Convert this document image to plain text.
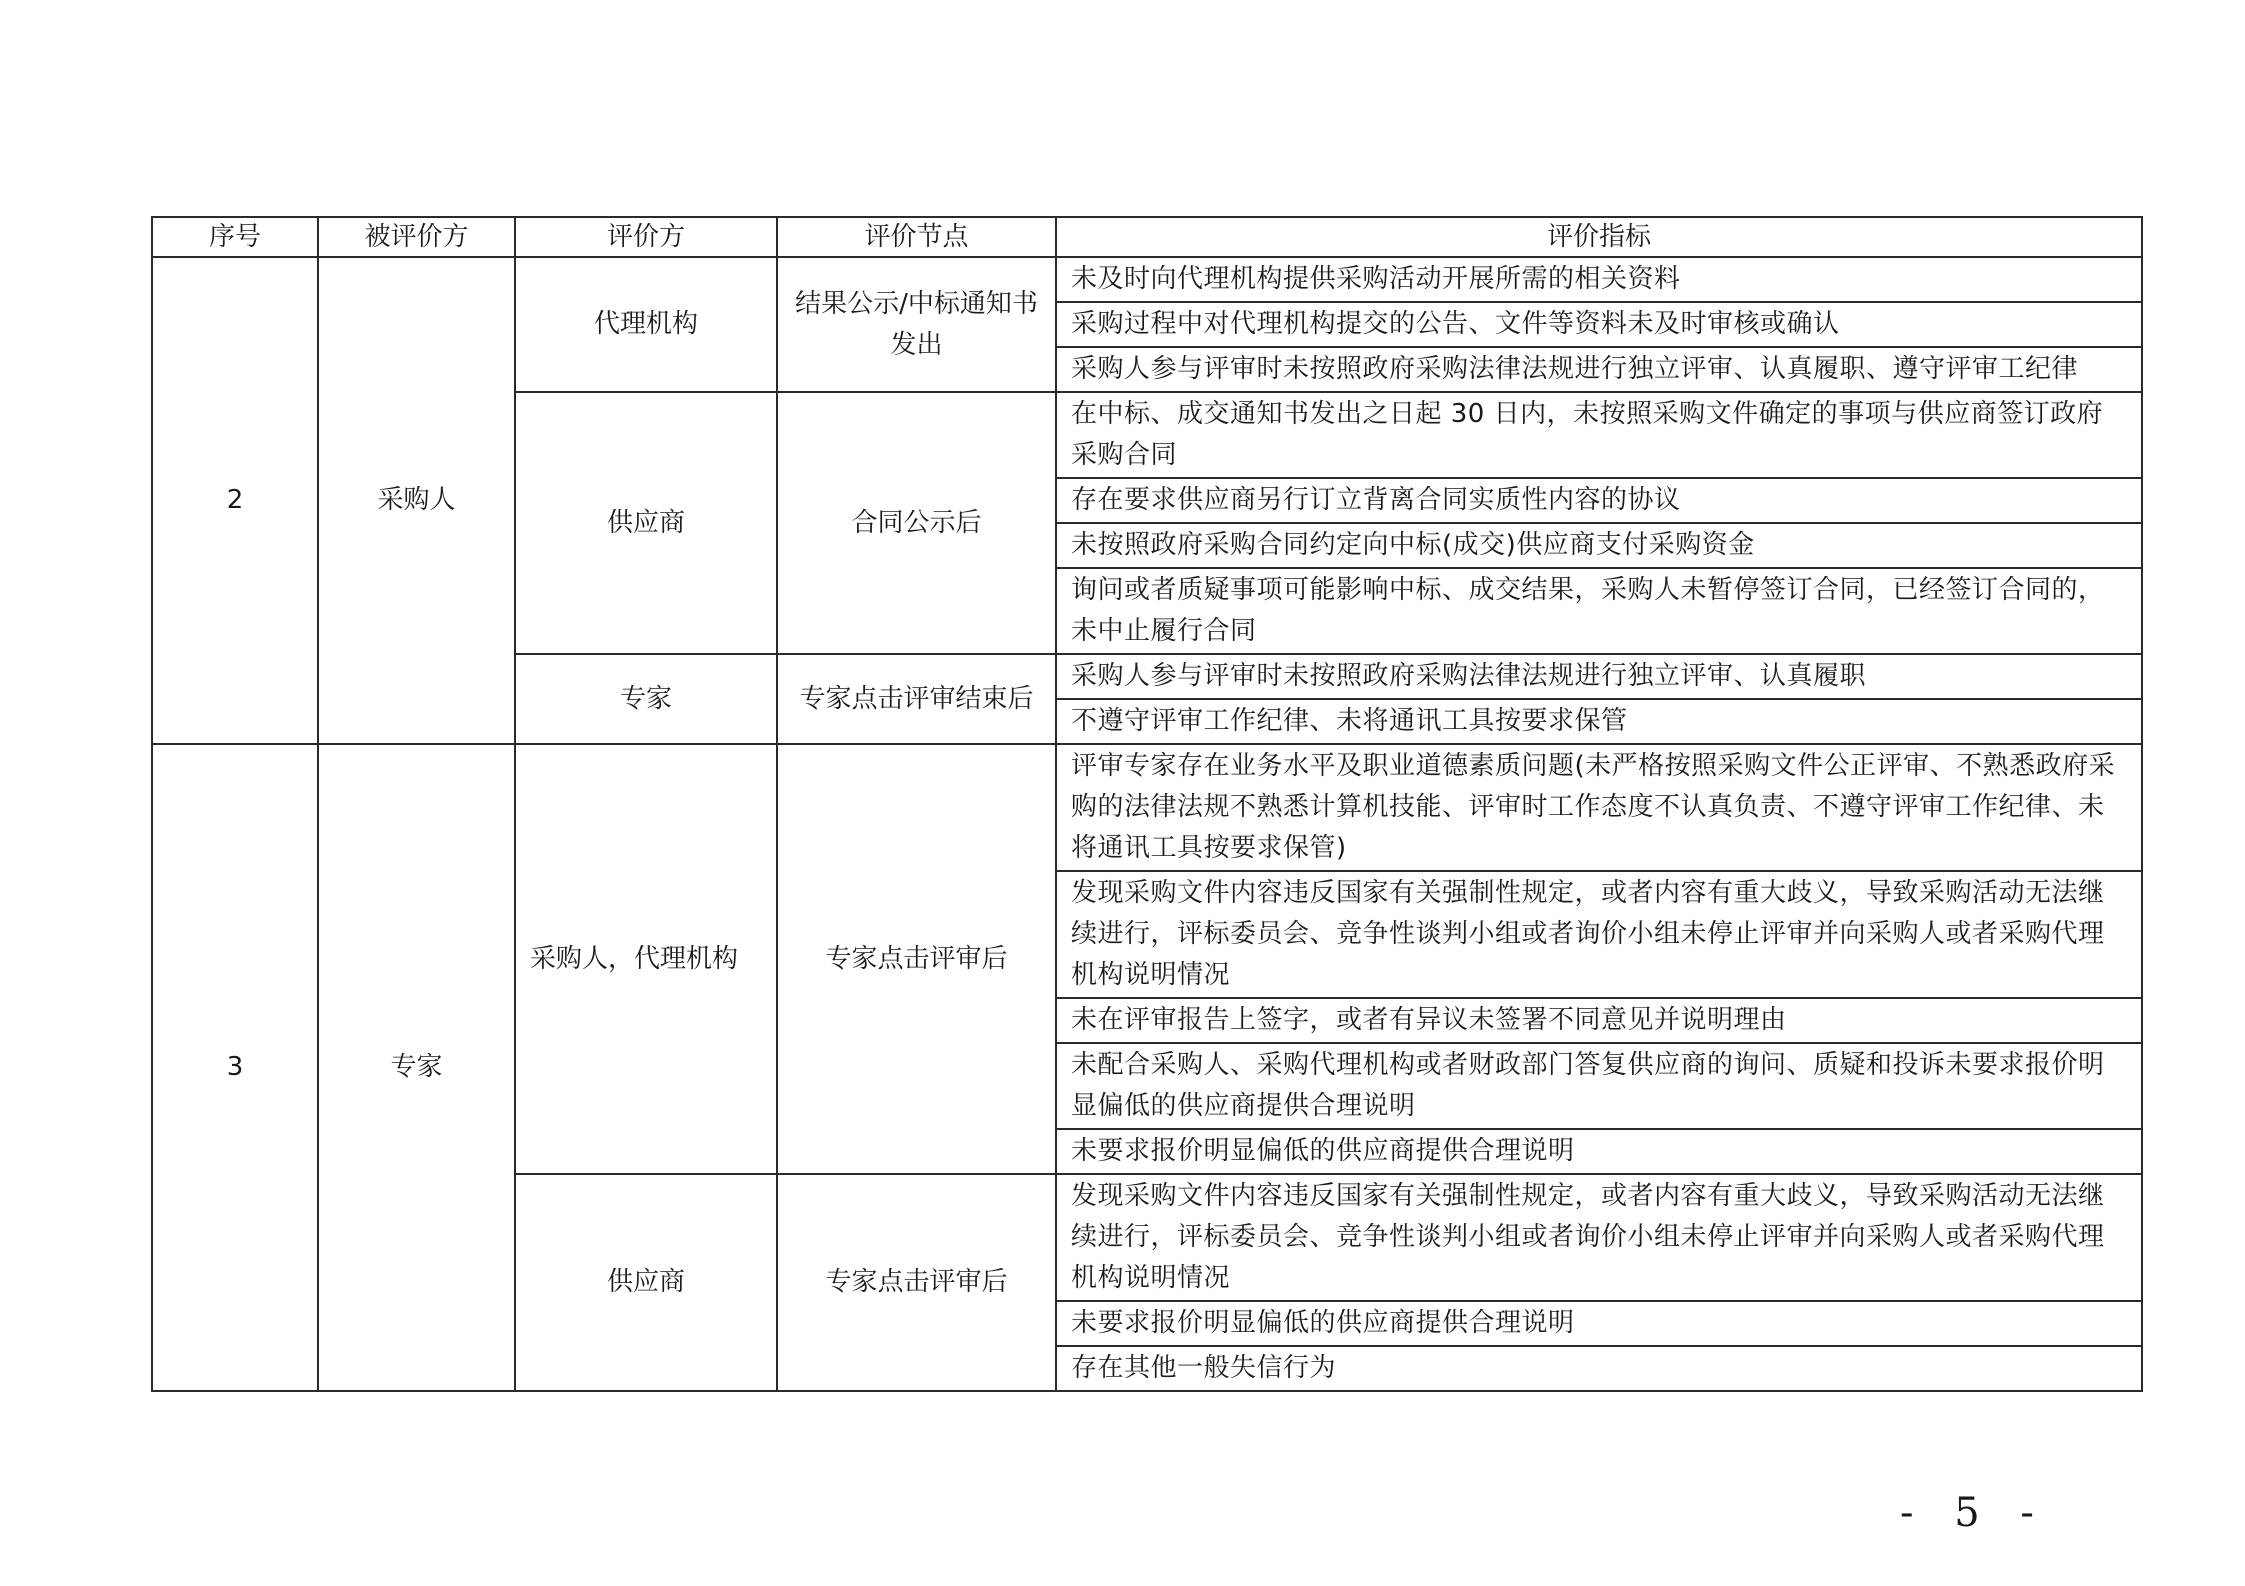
序号	被评价方	评价方	评价节点	评价指标
2	采购人	代理机构	结果公示/中标通知书发出	未及时向代理机构提供采购活动开展所需的相关资料
				采购过程中对代理机构提交的公告、文件等资料未及时审核或确认
				采购人参与评审时未按照政府采购法律法规进行独立评审、认真履职、遵守评审工纪律
		供应商	合同公示后	在中标、成交通知书发出之日起 30 日内，未按照采购文件确定的事项与供应商签订政府采购合同
				存在要求供应商另行订立背离合同实质性内容的协议
				未按照政府采购合同约定向中标(成交)供应商支付采购资金
				询问或者质疑事项可能影响中标、成交结果，采购人未暂停签订合同，已经签订合同的，未中止履行合同
		专家	专家点击评审结束后	采购人参与评审时未按照政府采购法律法规进行独立评审、认真履职
				不遵守评审工作纪律、未将通讯工具按要求保管
3	专家	采购人，代理机构	专家点击评审后	评审专家存在业务水平及职业道德素质问题(未严格按照采购文件公正评审、不熟悉政府采购的法律法规不熟悉计算机技能、评审时工作态度不认真负责、不遵守评审工作纪律、未将通讯工具按要求保管)
				发现采购文件内容违反国家有关强制性规定，或者内容有重大歧义，导致采购活动无法继续进行，评标委员会、竞争性谈判小组或者询价小组未停止评审并向采购人或者采购代理机构说明情况
				未在评审报告上签字，或者有异议未签署不同意见并说明理由
				未配合采购人、采购代理机构或者财政部门答复供应商的询问、质疑和投诉未要求报价明显偏低的供应商提供合理说明
				未要求报价明显偏低的供应商提供合理说明
		供应商	专家点击评审后	发现采购文件内容违反国家有关强制性规定，或者内容有重大歧义，导致采购活动无法继续进行，评标委员会、竞争性谈判小组或者询价小组未停止评审并向采购人或者采购代理机构说明情况
				未要求报价明显偏低的供应商提供合理说明
				存在其他一般失信行为
- 5 -
